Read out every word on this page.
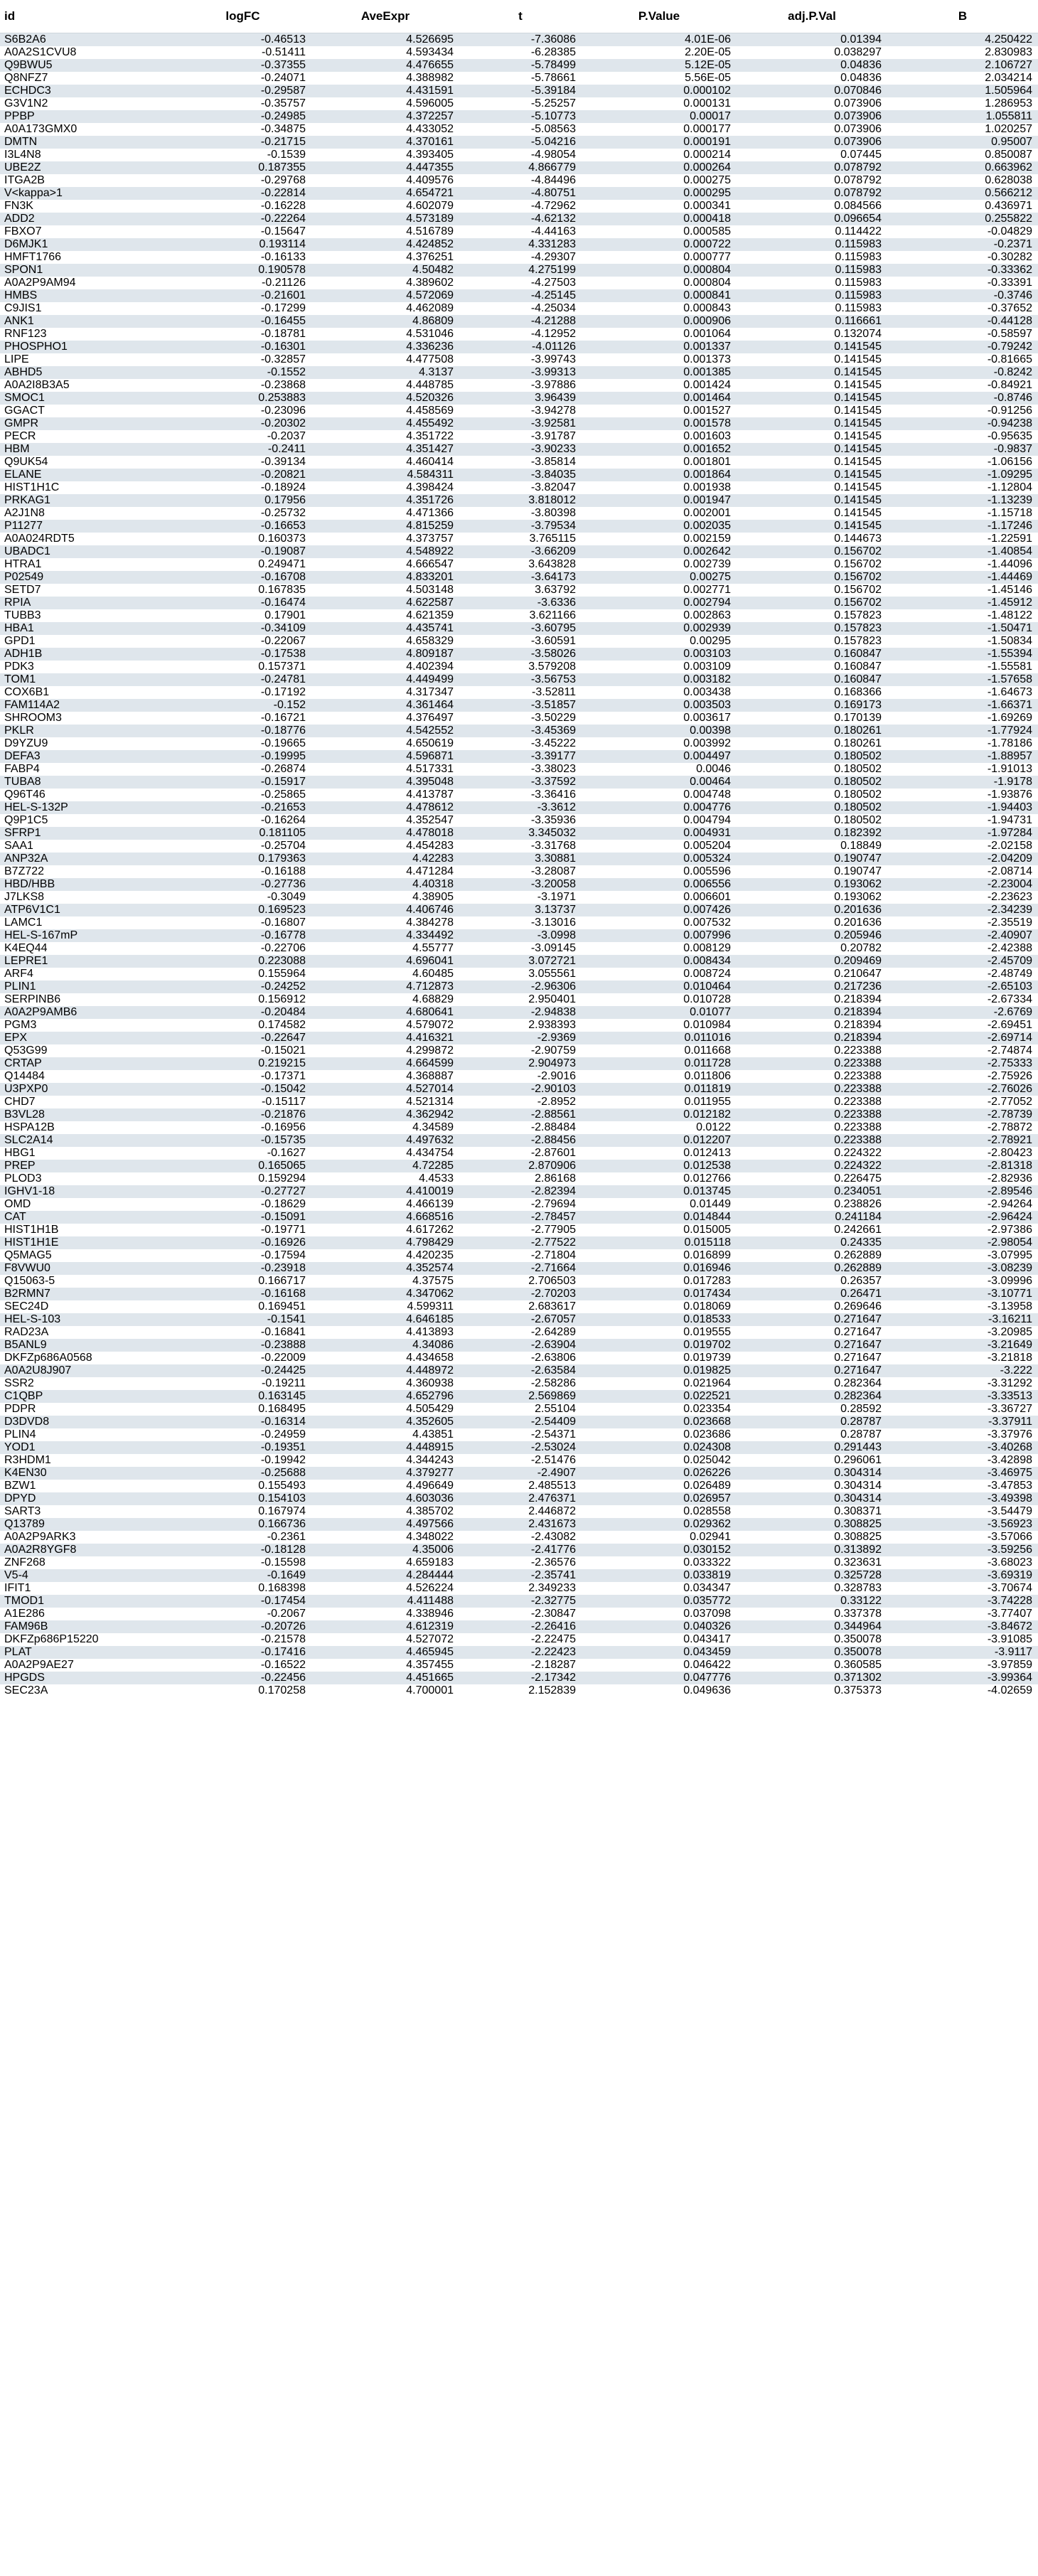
id	logFC	AveExpr	t	P.Value	adj.P.Val	B
S6B2A6	-0.46513	4.526695	-7.36086	4.01E-06	0.01394	4.250422
A0A2S1CVU8	-0.51411	4.593434	-6.28385	2.20E-05	0.038297	2.830983
Q9BWU5	-0.37355	4.476655	-5.78499	5.12E-05	0.04836	2.106727
Q8NFZ7	-0.24071	4.388982	-5.78661	5.56E-05	0.04836	2.034214
ECHDC3	-0.29587	4.431591	-5.39184	0.000102	0.070846	1.505964
G3V1N2	-0.35757	4.596005	-5.25257	0.000131	0.073906	1.286953
PPBP	-0.24985	4.372257	-5.10773	0.00017	0.073906	1.055811
A0A173GMX0	-0.34875	4.433052	-5.08563	0.000177	0.073906	1.020257
DMTN	-0.21715	4.370161	-5.04216	0.000191	0.073906	0.95007
I3L4N8	-0.1539	4.393405	-4.98054	0.000214	0.07445	0.850087
UBE2Z	0.187355	4.447355	4.866779	0.000264	0.078792	0.663962
ITGA2B	-0.29768	4.409576	-4.84496	0.000275	0.078792	0.628038
V<kappa>1	-0.22814	4.654721	-4.80751	0.000295	0.078792	0.566212
FN3K	-0.16228	4.602079	-4.72962	0.000341	0.084566	0.436971
ADD2	-0.22264	4.573189	-4.62132	0.000418	0.096654	0.255822
FBXO7	-0.15647	4.516789	-4.44163	0.000585	0.114422	-0.04829
D6MJK1	0.193114	4.424852	4.331283	0.000722	0.115983	-0.2371
HMFT1766	-0.16133	4.376251	-4.29307	0.000777	0.115983	-0.30282
SPON1	0.190578	4.50482	4.275199	0.000804	0.115983	-0.33362
A0A2P9AM94	-0.21126	4.389602	-4.27503	0.000804	0.115983	-0.33391
HMBS	-0.21601	4.572069	-4.25145	0.000841	0.115983	-0.3746
C9JIS1	-0.17299	4.462089	-4.25034	0.000843	0.115983	-0.37652
ANK1	-0.16455	4.86809	-4.21288	0.000906	0.116661	-0.44128
RNF123	-0.18781	4.531046	-4.12952	0.001064	0.132074	-0.58597
PHOSPHO1	-0.16301	4.336236	-4.01126	0.001337	0.141545	-0.79242
LIPE	-0.32857	4.477508	-3.99743	0.001373	0.141545	-0.81665
ABHD5	-0.1552	4.3137	-3.99313	0.001385	0.141545	-0.8242
A0A2I8B3A5	-0.23868	4.448785	-3.97886	0.001424	0.141545	-0.84921
SMOC1	0.253883	4.520326	3.96439	0.001464	0.141545	-0.8746
GGACT	-0.23096	4.458569	-3.94278	0.001527	0.141545	-0.91256
GMPR	-0.20302	4.455492	-3.92581	0.001578	0.141545	-0.94238
PECR	-0.2037	4.351722	-3.91787	0.001603	0.141545	-0.95635
HBM	-0.2411	4.351427	-3.90233	0.001652	0.141545	-0.9837
Q9UK54	-0.39134	4.460414	-3.85814	0.001801	0.141545	-1.06156
ELANE	-0.20821	4.584311	-3.84035	0.001864	0.141545	-1.09295
HIST1H1C	-0.18924	4.398424	-3.82047	0.001938	0.141545	-1.12804
PRKAG1	0.17956	4.351726	3.818012	0.001947	0.141545	-1.13239
A2J1N8	-0.25732	4.471366	-3.80398	0.002001	0.141545	-1.15718
P11277	-0.16653	4.815259	-3.79534	0.002035	0.141545	-1.17246
A0A024RDT5	0.160373	4.373757	3.765115	0.002159	0.144673	-1.22591
UBADC1	-0.19087	4.548922	-3.66209	0.002642	0.156702	-1.40854
HTRA1	0.249471	4.666547	3.643828	0.002739	0.156702	-1.44096
P02549	-0.16708	4.833201	-3.64173	0.00275	0.156702	-1.44469
SETD7	0.167835	4.503148	3.63792	0.002771	0.156702	-1.45146
RPIA	-0.16474	4.622587	-3.6336	0.002794	0.156702	-1.45912
TUBB3	0.17901	4.621359	3.621166	0.002863	0.157823	-1.48122
HBA1	-0.34109	4.435741	-3.60795	0.002939	0.157823	-1.50471
GPD1	-0.22067	4.658329	-3.60591	0.00295	0.157823	-1.50834
ADH1B	-0.17538	4.809187	-3.58026	0.003103	0.160847	-1.55394
PDK3	0.157371	4.402394	3.579208	0.003109	0.160847	-1.55581
TOM1	-0.24781	4.449499	-3.56753	0.003182	0.160847	-1.57658
COX6B1	-0.17192	4.317347	-3.52811	0.003438	0.168366	-1.64673
FAM114A2	-0.152	4.361464	-3.51857	0.003503	0.169173	-1.66371
SHROOM3	-0.16721	4.376497	-3.50229	0.003617	0.170139	-1.69269
PKLR	-0.18776	4.542552	-3.45369	0.00398	0.180261	-1.77924
D9YZU9	-0.19665	4.650619	-3.45222	0.003992	0.180261	-1.78186
DEFA3	-0.19995	4.596871	-3.39177	0.004497	0.180502	-1.88957
FABP4	-0.26874	4.517331	-3.38023	0.0046	0.180502	-1.91013
TUBA8	-0.15917	4.395048	-3.37592	0.00464	0.180502	-1.9178
Q96T46	-0.25865	4.413787	-3.36416	0.004748	0.180502	-1.93876
HEL-S-132P	-0.21653	4.478612	-3.3612	0.004776	0.180502	-1.94403
Q9P1C5	-0.16264	4.352547	-3.35936	0.004794	0.180502	-1.94731
SFRP1	0.181105	4.478018	3.345032	0.004931	0.182392	-1.97284
SAA1	-0.25704	4.454283	-3.31768	0.005204	0.18849	-2.02158
ANP32A	0.179363	4.42283	3.30881	0.005324	0.190747	-2.04209
B7Z722	-0.16188	4.471284	-3.28087	0.005596	0.190747	-2.08714
HBD/HBB	-0.27736	4.40318	-3.20058	0.006556	0.193062	-2.23004
J7LKS8	-0.3049	4.38905	-3.1971	0.006601	0.193062	-2.23623
ATP6V1C1	0.169523	4.406746	3.13737	0.007426	0.201636	-2.34239
LAMC1	-0.16807	4.384278	-3.13016	0.007532	0.201636	-2.35519
HEL-S-167mP	-0.16778	4.334492	-3.0998	0.007996	0.205946	-2.40907
K4EQ44	-0.22706	4.55777	-3.09145	0.008129	0.20782	-2.42388
LEPRE1	0.223088	4.696041	3.072721	0.008434	0.209469	-2.45709
ARF4	0.155964	4.60485	3.055561	0.008724	0.210647	-2.48749
PLIN1	-0.24252	4.712873	-2.96306	0.010464	0.217236	-2.65103
SERPINB6	0.156912	4.68829	2.950401	0.010728	0.218394	-2.67334
A0A2P9AMB6	-0.20484	4.680641	-2.94838	0.01077	0.218394	-2.6769
PGM3	0.174582	4.579072	2.938393	0.010984	0.218394	-2.69451
EPX	-0.22647	4.416321	-2.9369	0.011016	0.218394	-2.69714
Q53G99	-0.15021	4.299872	-2.90759	0.011668	0.223388	-2.74874
CRTAP	0.219215	4.664599	2.904973	0.011728	0.223388	-2.75333
Q14484	-0.17371	4.368887	-2.9016	0.011806	0.223388	-2.75926
U3PXP0	-0.15042	4.527014	-2.90103	0.011819	0.223388	-2.76026
CHD7	-0.15117	4.521314	-2.8952	0.011955	0.223388	-2.77052
B3VL28	-0.21876	4.362942	-2.88561	0.012182	0.223388	-2.78739
HSPA12B	-0.16956	4.34589	-2.88484	0.0122	0.223388	-2.78872
SLC2A14	-0.15735	4.497632	-2.88456	0.012207	0.223388	-2.78921
HBG1	-0.1627	4.434754	-2.87601	0.012413	0.224322	-2.80423
PREP	0.165065	4.72285	2.870906	0.012538	0.224322	-2.81318
PLOD3	0.159294	4.4533	2.86168	0.012766	0.226475	-2.82936
IGHV1-18	-0.27727	4.410019	-2.82394	0.013745	0.234051	-2.89546
OMD	-0.18629	4.466139	-2.79694	0.01449	0.238826	-2.94264
CAT	-0.15091	4.668516	-2.78457	0.014844	0.241184	-2.96424
HIST1H1B	-0.19771	4.617262	-2.77905	0.015005	0.242661	-2.97386
HIST1H1E	-0.16926	4.798429	-2.77522	0.015118	0.24335	-2.98054
Q5MAG5	-0.17594	4.420235	-2.71804	0.016899	0.262889	-3.07995
F8VWU0	-0.23918	4.352574	-2.71664	0.016946	0.262889	-3.08239
Q15063-5	0.166717	4.37575	2.706503	0.017283	0.26357	-3.09996
B2RMN7	-0.16168	4.347062	-2.70203	0.017434	0.26471	-3.10771
SEC24D	0.169451	4.599311	2.683617	0.018069	0.269646	-3.13958
HEL-S-103	-0.1541	4.646185	-2.67057	0.018533	0.271647	-3.16211
RAD23A	-0.16841	4.413893	-2.64289	0.019555	0.271647	-3.20985
B5ANL9	-0.23888	4.34086	-2.63904	0.019702	0.271647	-3.21649
DKFZp686A0568	-0.22009	4.434658	-2.63806	0.019739	0.271647	-3.21818
A0A2U8J907	-0.24425	4.448972	-2.63584	0.019825	0.271647	-3.222
SSR2	-0.19211	4.360938	-2.58286	0.021964	0.282364	-3.31292
C1QBP	0.163145	4.652796	2.569869	0.022521	0.282364	-3.33513
PDPR	0.168495	4.505429	2.55104	0.023354	0.28592	-3.36727
D3DVD8	-0.16314	4.352605	-2.54409	0.023668	0.28787	-3.37911
PLIN4	-0.24959	4.43851	-2.54371	0.023686	0.28787	-3.37976
YOD1	-0.19351	4.448915	-2.53024	0.024308	0.291443	-3.40268
R3HDM1	-0.19942	4.344243	-2.51476	0.025042	0.296061	-3.42898
K4EN30	-0.25688	4.379277	-2.4907	0.026226	0.304314	-3.46975
BZW1	0.155493	4.496649	2.485513	0.026489	0.304314	-3.47853
DPYD	0.154103	4.603036	2.476371	0.026957	0.304314	-3.49398
SART3	0.167974	4.385702	2.446872	0.028558	0.308371	-3.54479
Q13789	0.166736	4.497566	2.431673	0.029362	0.308825	-3.56923
A0A2P9ARK3	-0.2361	4.348022	-2.43082	0.02941	0.308825	-3.57066
A0A2R8YGF8	-0.18128	4.35006	-2.41776	0.030152	0.313892	-3.59256
ZNF268	-0.15598	4.659183	-2.36576	0.033322	0.323631	-3.68023
V5-4	-0.1649	4.284444	-2.35741	0.033819	0.325728	-3.69319
IFIT1	0.168398	4.526224	2.349233	0.034347	0.328783	-3.70674
TMOD1	-0.17454	4.411488	-2.32775	0.035772	0.33122	-3.74228
A1E286	-0.2067	4.338946	-2.30847	0.037098	0.337378	-3.77407
FAM96B	-0.20726	4.612319	-2.26416	0.040326	0.344964	-3.84672
DKFZp686P15220	-0.21578	4.527072	-2.22475	0.043417	0.350078	-3.91085
PLAT	-0.17416	4.465945	-2.22423	0.043459	0.350078	-3.9117
A0A2P9AE27	-0.16522	4.357455	-2.18287	0.046422	0.360585	-3.97859
HPGDS	-0.22456	4.451665	-2.17342	0.047776	0.371302	-3.99364
SEC23A	0.170258	4.700001	2.152839	0.049636	0.375373	-4.02659
